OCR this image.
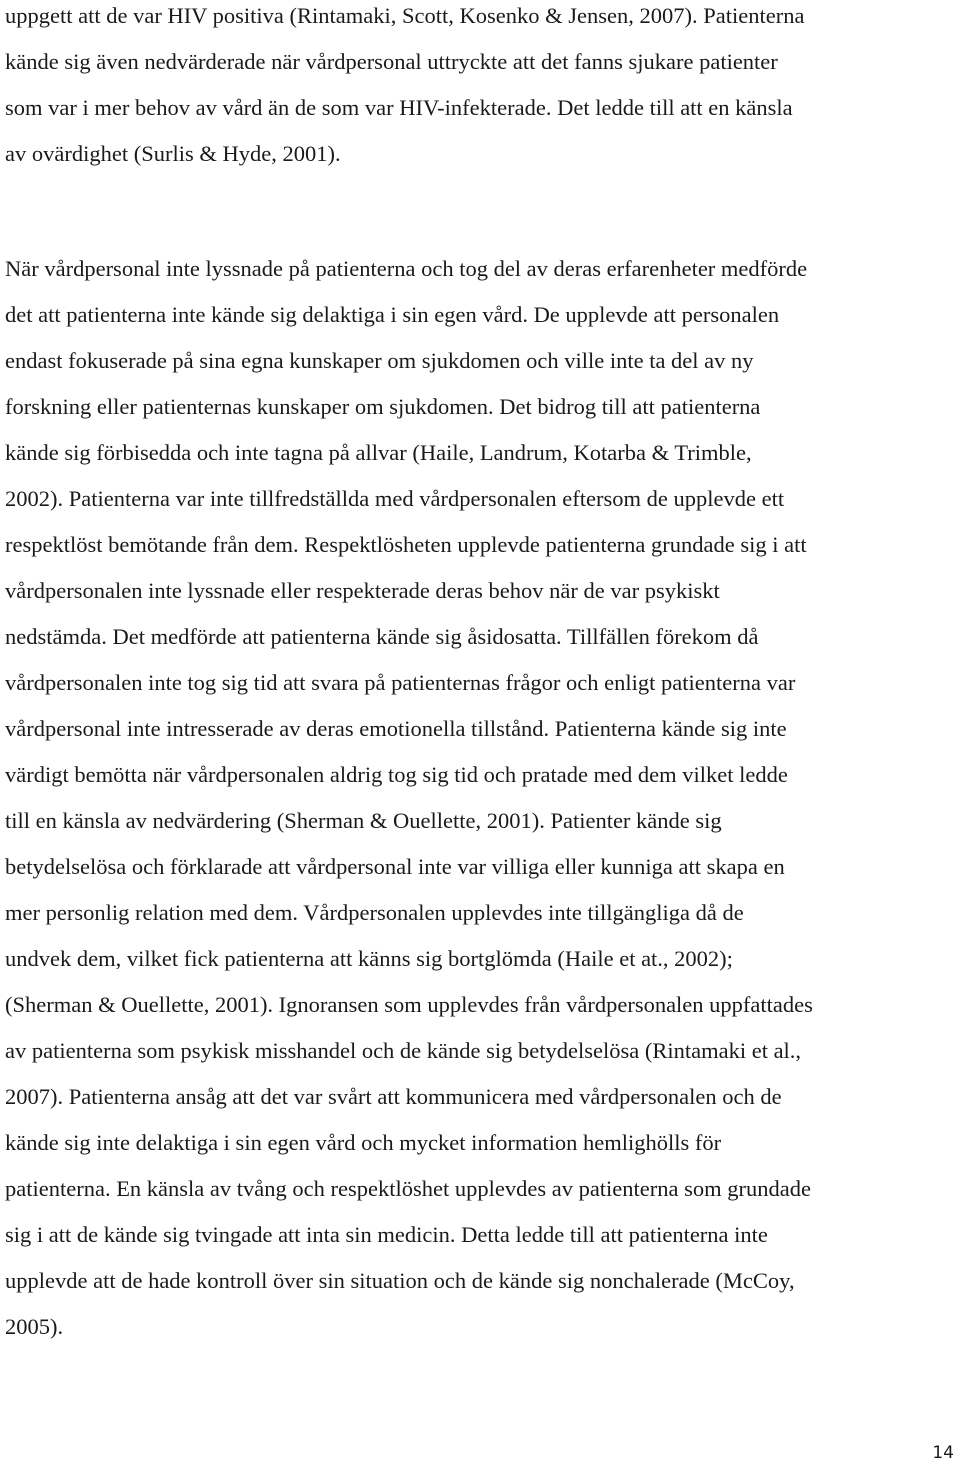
uppgett att de var HIV positiva (Rintamaki, Scott, Kosenko & Jensen, 2007). Patienterna
kände sig även nedvärderade när vårdpersonal uttryckte att det fanns sjukare patienter
som var i mer behov av vård än de som var HIV-infekterade. Det ledde till att en känsla
av ovärdighet (Surlis & Hyde, 2001).

När vårdpersonal inte lyssnade på patienterna och tog del av deras erfarenheter medförde
det att patienterna inte kände sig delaktiga i sin egen vård. De upplevde att personalen
endast fokuserade på sina egna kunskaper om sjukdomen och ville inte ta del av ny
forskning eller patienternas kunskaper om sjukdomen. Det bidrog till att patienterna
kände sig förbisedda och inte tagna på allvar (Haile, Landrum, Kotarba & Trimble,
2002). Patienterna var inte tillfredställda med vårdpersonalen eftersom de upplevde ett
respektlöst bemötande från dem. Respektlösheten upplevde patienterna grundade sig i att
vårdpersonalen inte lyssnade eller respekterade deras behov när de var psykiskt
nedstämda. Det medförde att patienterna kände sig åsidosatta. Tillfällen förekom då
vårdpersonalen inte tog sig tid att svara på patienternas frågor och enligt patienterna var
vårdpersonal inte intresserade av deras emotionella tillstånd. Patienterna kände sig inte
värdigt bemötta när vårdpersonalen aldrig tog sig tid och pratade med dem vilket ledde
till en känsla av nedvärdering (Sherman & Ouellette, 2001). Patienter kände sig
betydelselösa och förklarade att vårdpersonal inte var villiga eller kunniga att skapa en
mer personlig relation med dem. Vårdpersonalen upplevdes inte tillgängliga då de
undvek dem, vilket fick patienterna att känns sig bortglömda (Haile et at., 2002);
(Sherman & Ouellette, 2001). Ignoransen som upplevdes från vårdpersonalen uppfattades
av patienterna som psykisk misshandel och de kände sig betydelselösa (Rintamaki et al.,
2007). Patienterna ansåg att det var svårt att kommunicera med vårdpersonalen och de
kände sig inte delaktiga i sin egen vård och mycket information hemlighölls för
patienterna. En känsla av tvång och respektlöshet upplevdes av patienterna som grundade
sig i att de kände sig tvingade att inta sin medicin. Detta ledde till att patienterna inte
upplevde att de hade kontroll över sin situation och de kände sig nonchalerade (McCoy,
2005).

14
